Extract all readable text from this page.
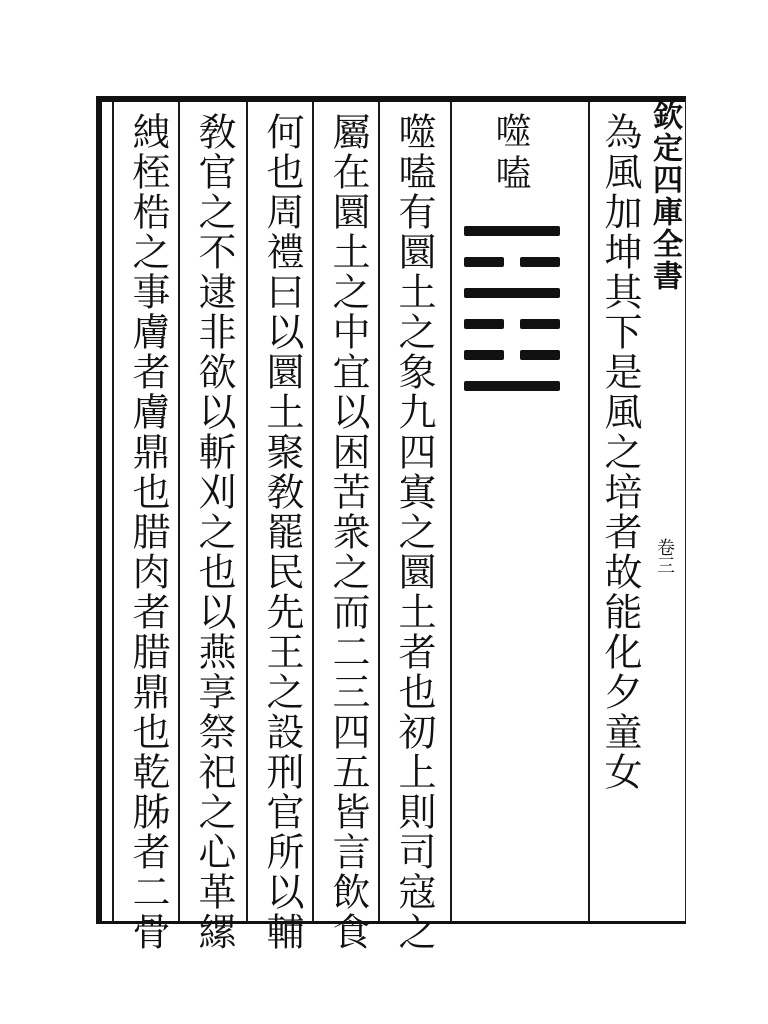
欽定四庫全書
卷三
為風加坤其下是風之培者故能化夕童女
噬嗑
噬嗑有圜土之象九四寘之圜土者也初上則司寇之
屬在圜土之中宜以困苦衆之而二三四五皆言飲食
何也周禮曰以圜土聚敎罷民先王之設刑官所以輔
敎官之不逮非欲以斬刈之也以燕享祭祀之心革縲
絏桎梏之事膚者膚鼎也腊肉者腊鼎也乾胏者二骨
